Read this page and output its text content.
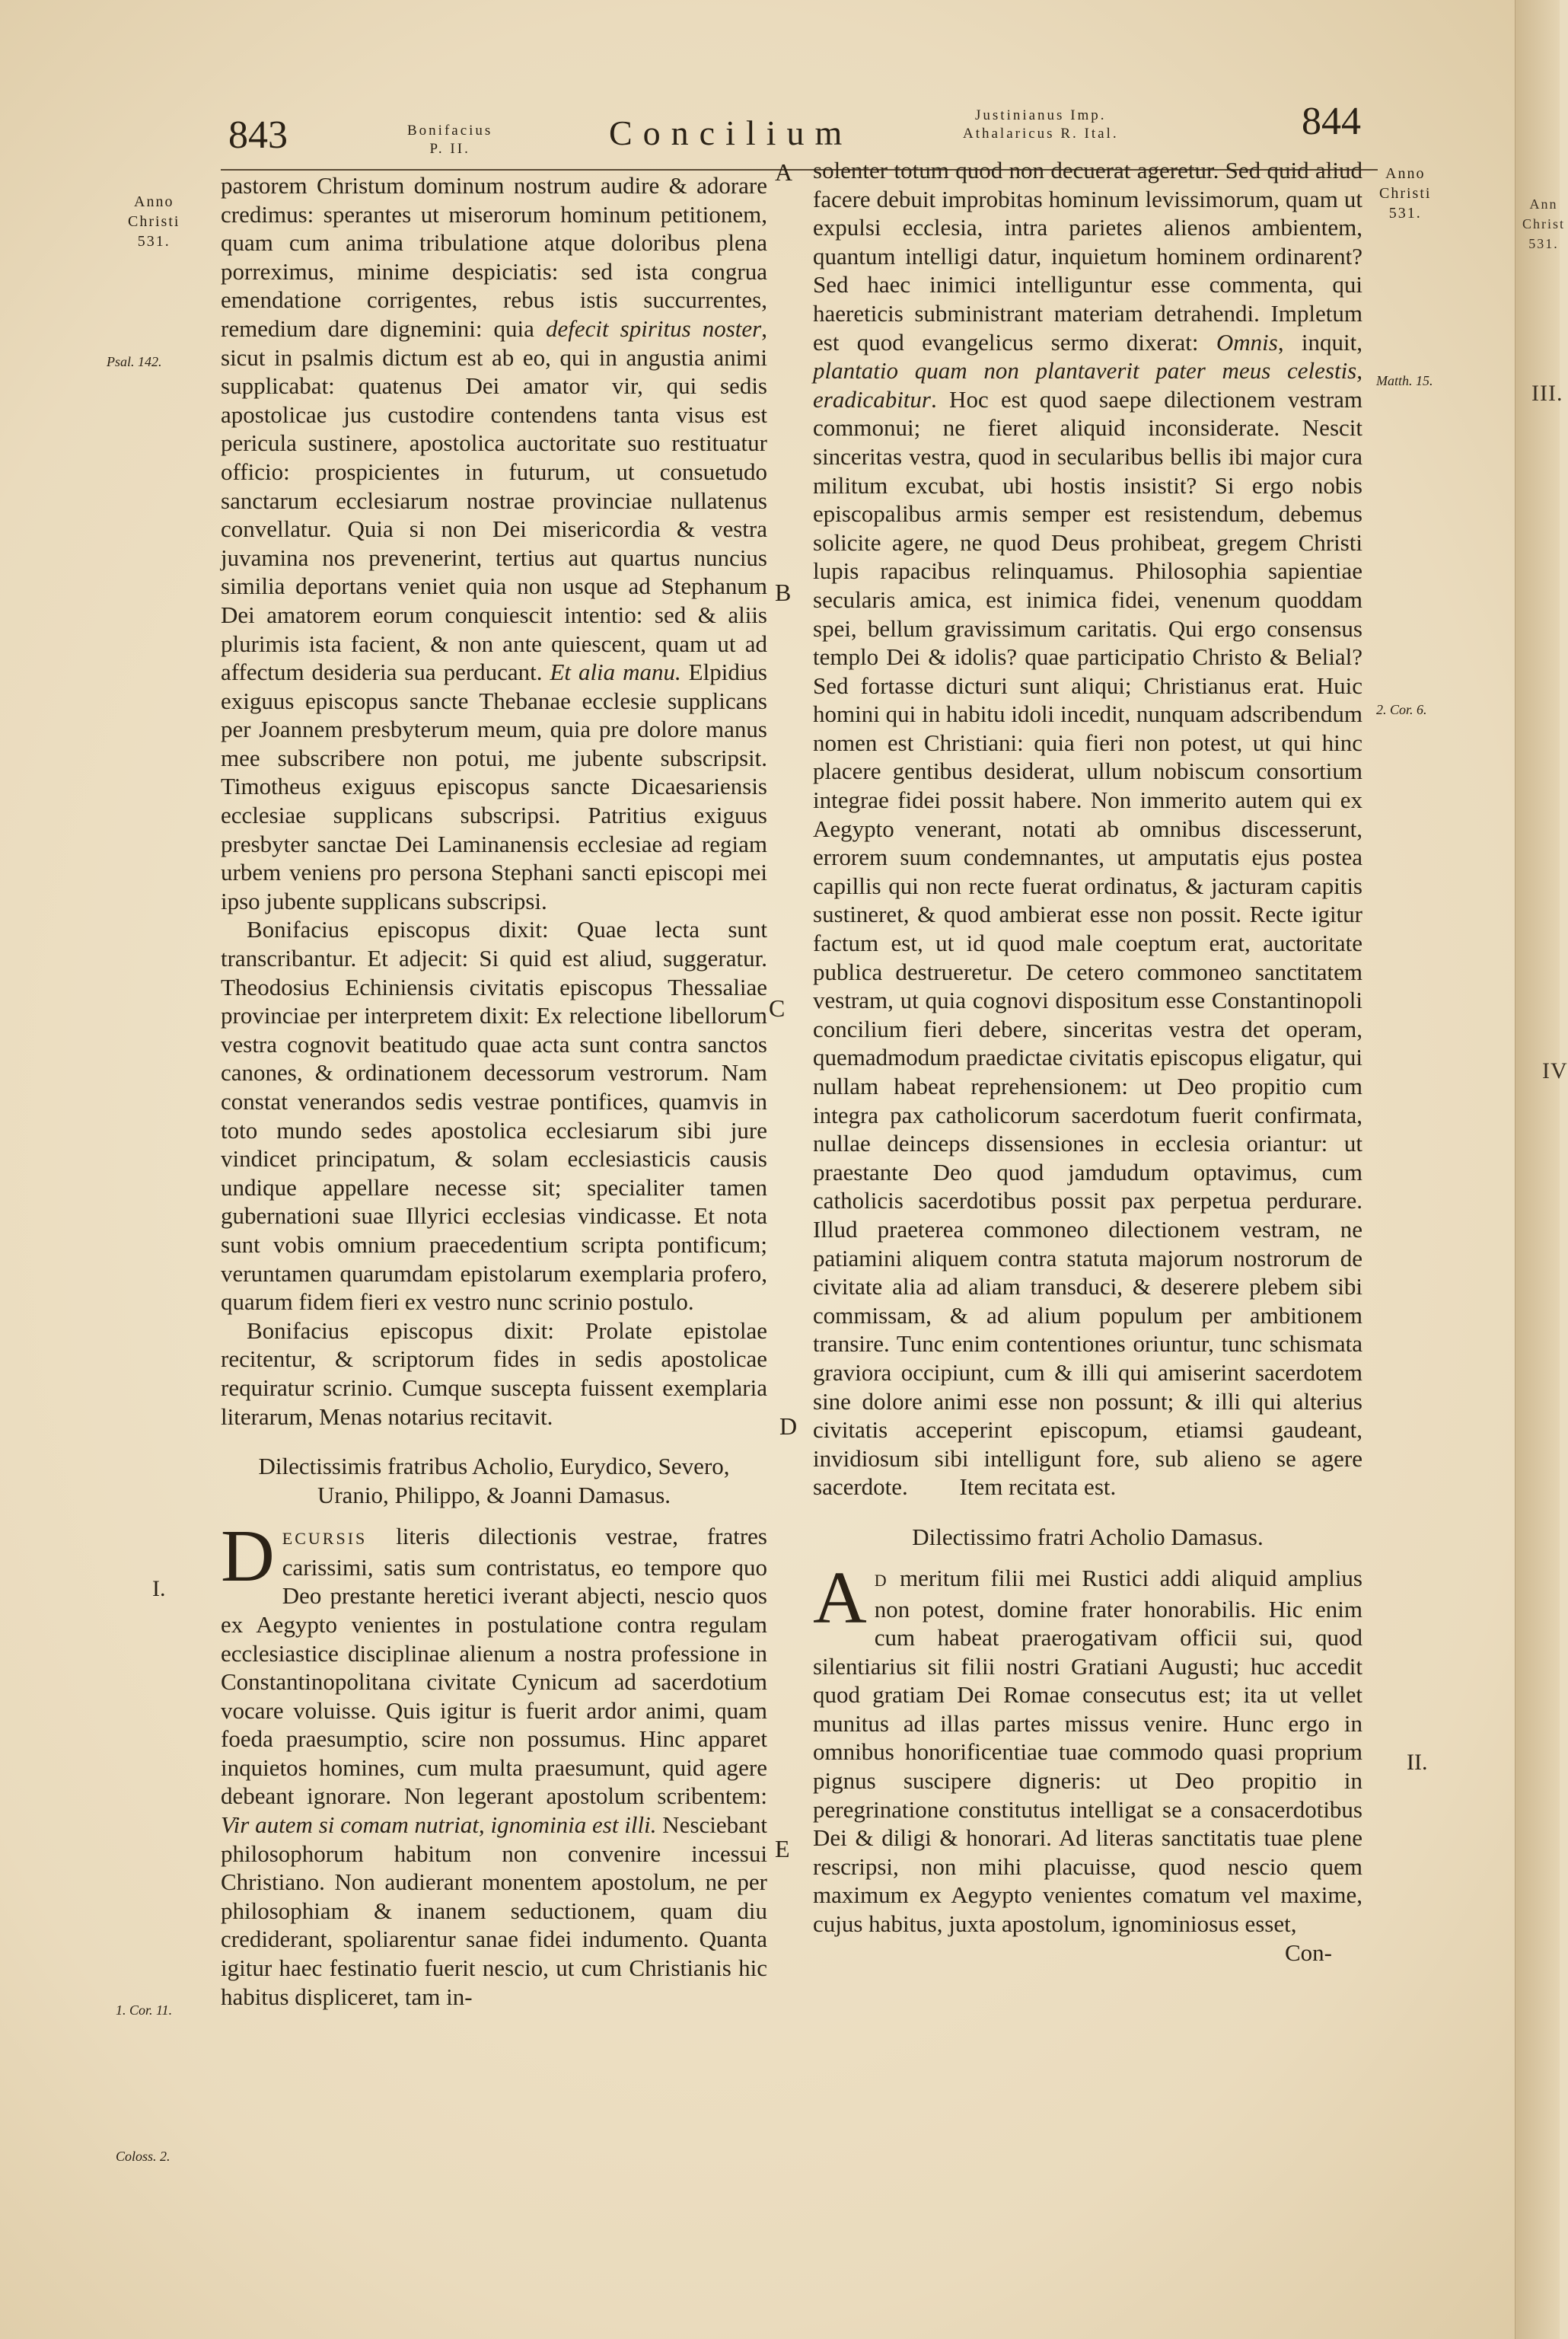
Ann
Christ
531.
III.
IV
843	Bonifacius
P. II.	Concilium	Justinianus Imp.
Athalaricus R. Ital.	844
Anno
Christi
531.
Anno
Christi
531.
Psal. 142.
1. Cor. 11.
Coloss. 2.
Matth. 15.
2. Cor. 6.
A
B
C
D
E
I.
II.

pastorem Christum dominum nostrum audire & adorare credimus: sperantes ut miserorum hominum petitionem, quam cum anima tribulatione atque doloribus plena porreximus, minime despiciatis: sed ista congrua emendatione corrigentes, rebus istis succurrentes, remedium dare dignemini: quia defecit spiritus noster, sicut in psalmis dictum est ab eo, qui in angustia animi supplicabat: quatenus Dei amator vir, qui sedis apostolicae jus custodire contendens tanta visus est pericula sustinere, apostolica auctoritate suo restituatur officio: prospicientes in futurum, ut consuetudo sanctarum ecclesiarum nostrae provinciae nullatenus convellatur. Quia si non Dei misericordia & vestra juvamina nos prevenerint, tertius aut quartus nuncius similia deportans veniet quia non usque ad Stephanum Dei amatorem eorum conquiescit intentio: sed & aliis plurimis ista facient, & non ante quiescent, quam ut ad affectum desideria sua perducant. Et alia manu. Elpidius exiguus episcopus sancte Thebanae ecclesie supplicans per Joannem presbyterum meum, quia pre dolore manus mee subscribere non potui, me jubente subscripsit. Timotheus exiguus episcopus sancte Dicaesariensis ecclesiae supplicans subscripsi. Patritius exiguus presbyter sanctae Dei Laminanensis ecclesiae ad regiam urbem veniens pro persona Stephani sancti episcopi mei ipso jubente supplicans subscripsi.

Bonifacius episcopus dixit: Quae lecta sunt transcribantur. Et adjecit: Si quid est aliud, suggeratur. Theodosius Echiniensis civitatis episcopus Thessaliae provinciae per interpretem dixit: Ex relectione libellorum vestra cognovit beatitudo quae acta sunt contra sanctos canones, & ordinationem decessorum vestrorum. Nam constat venerandos sedis vestrae pontifices, quamvis in toto mundo sedes apostolica ecclesiarum sibi jure vindicet principatum, & solam ecclesiasticis causis undique appellare necesse sit; specialiter tamen gubernationi suae Illyrici ecclesias vindicasse. Et nota sunt vobis omnium praecedentium scripta pontificum; veruntamen quarumdam epistolarum exemplaria profero, quarum fidem fieri ex vestro nunc scrinio postulo.

Bonifacius episcopus dixit: Prolate epistolae recitentur, & scriptorum fides in sedis apostolicae requiratur scrinio. Cumque suscepta fuissent exemplaria literarum, Menas notarius recitavit.

Dilectissimis fratribus Acholio, Eurydico, Severo, Uranio, Philippo, & Joanni Damasus.

DECURSIS literis dilectionis vestrae, fratres carissimi, satis sum contristatus, eo tempore quo Deo prestante heretici iverant abjecti, nescio quos ex Aegypto venientes in postulatione contra regulam ecclesiastice disciplinae alienum a nostra professione in Constantinopolitana civitate Cynicum ad sacerdotium vocare voluisse. Quis igitur is fuerit ardor animi, quam foeda praesumptio, scire non possumus. Hinc apparet inquietos homines, cum multa praesumunt, quid agere debeant ignorare. Non legerant apostolum scribentem: Vir autem si comam nutriat, ignominia est illi. Nesciebant philosophorum habitum non convenire incessui Christiano. Non audierant monentem apostolum, ne per philosophiam & inanem seductionem, quam diu crediderant, spoliarentur sanae fidei indumento. Quanta igitur haec festinatio fuerit nescio, ut cum Christianis hic habitus displiceret, tam in-

solenter totum quod non decuerat ageretur. Sed quid aliud facere debuit improbitas hominum levissimorum, quam ut expulsi ecclesia, intra parietes alienos ambientem, quantum intelligi datur, inquietum hominem ordinarent? Sed haec inimici intelliguntur esse commenta, qui haereticis subministrant materiam detrahendi. Impletum est quod evangelicus sermo dixerat: Omnis, inquit, plantatio quam non plantaverit pater meus celestis, eradicabitur. Hoc est quod saepe dilectionem vestram commonui; ne fieret aliquid inconsiderate. Nescit sinceritas vestra, quod in secularibus bellis ibi major cura militum excubat, ubi hostis insistit? Si ergo nobis episcopalibus armis semper est resistendum, debemus solicite agere, ne quod Deus prohibeat, gregem Christi lupis rapacibus relinquamus. Philosophia sapientiae secularis amica, est inimica fidei, venenum quoddam spei, bellum gravissimum caritatis. Qui ergo consensus templo Dei & idolis? quae participatio Christo & Belial? Sed fortasse dicturi sunt aliqui; Christianus erat. Huic homini qui in habitu idoli incedit, nunquam adscribendum nomen est Christiani: quia fieri non potest, ut qui hinc placere gentibus desiderat, ullum nobiscum consortium integrae fidei possit habere. Non immerito autem qui ex Aegypto venerant, notati ab omnibus discesserunt, errorem suum condemnantes, ut amputatis ejus postea capillis qui non recte fuerat ordinatus, & jacturam capitis sustineret, & quod ambierat esse non possit. Recte igitur factum est, ut id quod male coeptum erat, auctoritate publica destrueretur. De cetero commoneo sanctitatem vestram, ut quia cognovi dispositum esse Constantinopoli concilium fieri debere, sinceritas vestra det operam, quemadmodum praedictae civitatis episcopus eligatur, qui nullam habeat reprehensionem: ut Deo propitio cum integra pax catholicorum sacerdotum fuerit confirmata, nullae deinceps dissensiones in ecclesia oriantur: ut praestante Deo quod jamdudum optavimus, cum catholicis sacerdotibus possit pax perpetua perdurare. Illud praeterea commoneo dilectionem vestram, ne patiamini aliquem contra statuta majorum nostrorum de civitate alia ad aliam transduci, & deserere plebem sibi commissam, & ad alium populum per ambitionem transire. Tunc enim contentiones oriuntur, tunc schismata graviora occipiunt, cum & illi qui amiserint sacerdotem sine dolore animi esse non possunt; & illi qui alterius civitatis acceperint episcopum, etiamsi gaudeant, invidiosum sibi intelligunt fore, sub alieno se agere sacerdote. Item recitata est.

Dilectissimo fratri Acholio Damasus.

A D meritum filii mei Rustici addi aliquid amplius non potest, domine frater honorabilis. Hic enim cum habeat praerogativam officii sui, quod silentiarius sit filii nostri Gratiani Augusti; huc accedit quod gratiam Dei Romae consecutus est; ita ut vellet munitus ad illas partes missus venire. Hunc ergo in omnibus honorificentiae tuae commodo quasi proprium pignus suscipere digneris: ut Deo propitio in peregrinatione constitutus intelligat se a consacerdotibus Dei & diligi & honorari. Ad literas sanctitatis tuae plene rescripsi, non mihi placuisse, quod nescio quem maximum ex Aegypto venientes comatum vel maxime, cujus habitus, juxta apostolum, ignominiosus esset,

Con-
